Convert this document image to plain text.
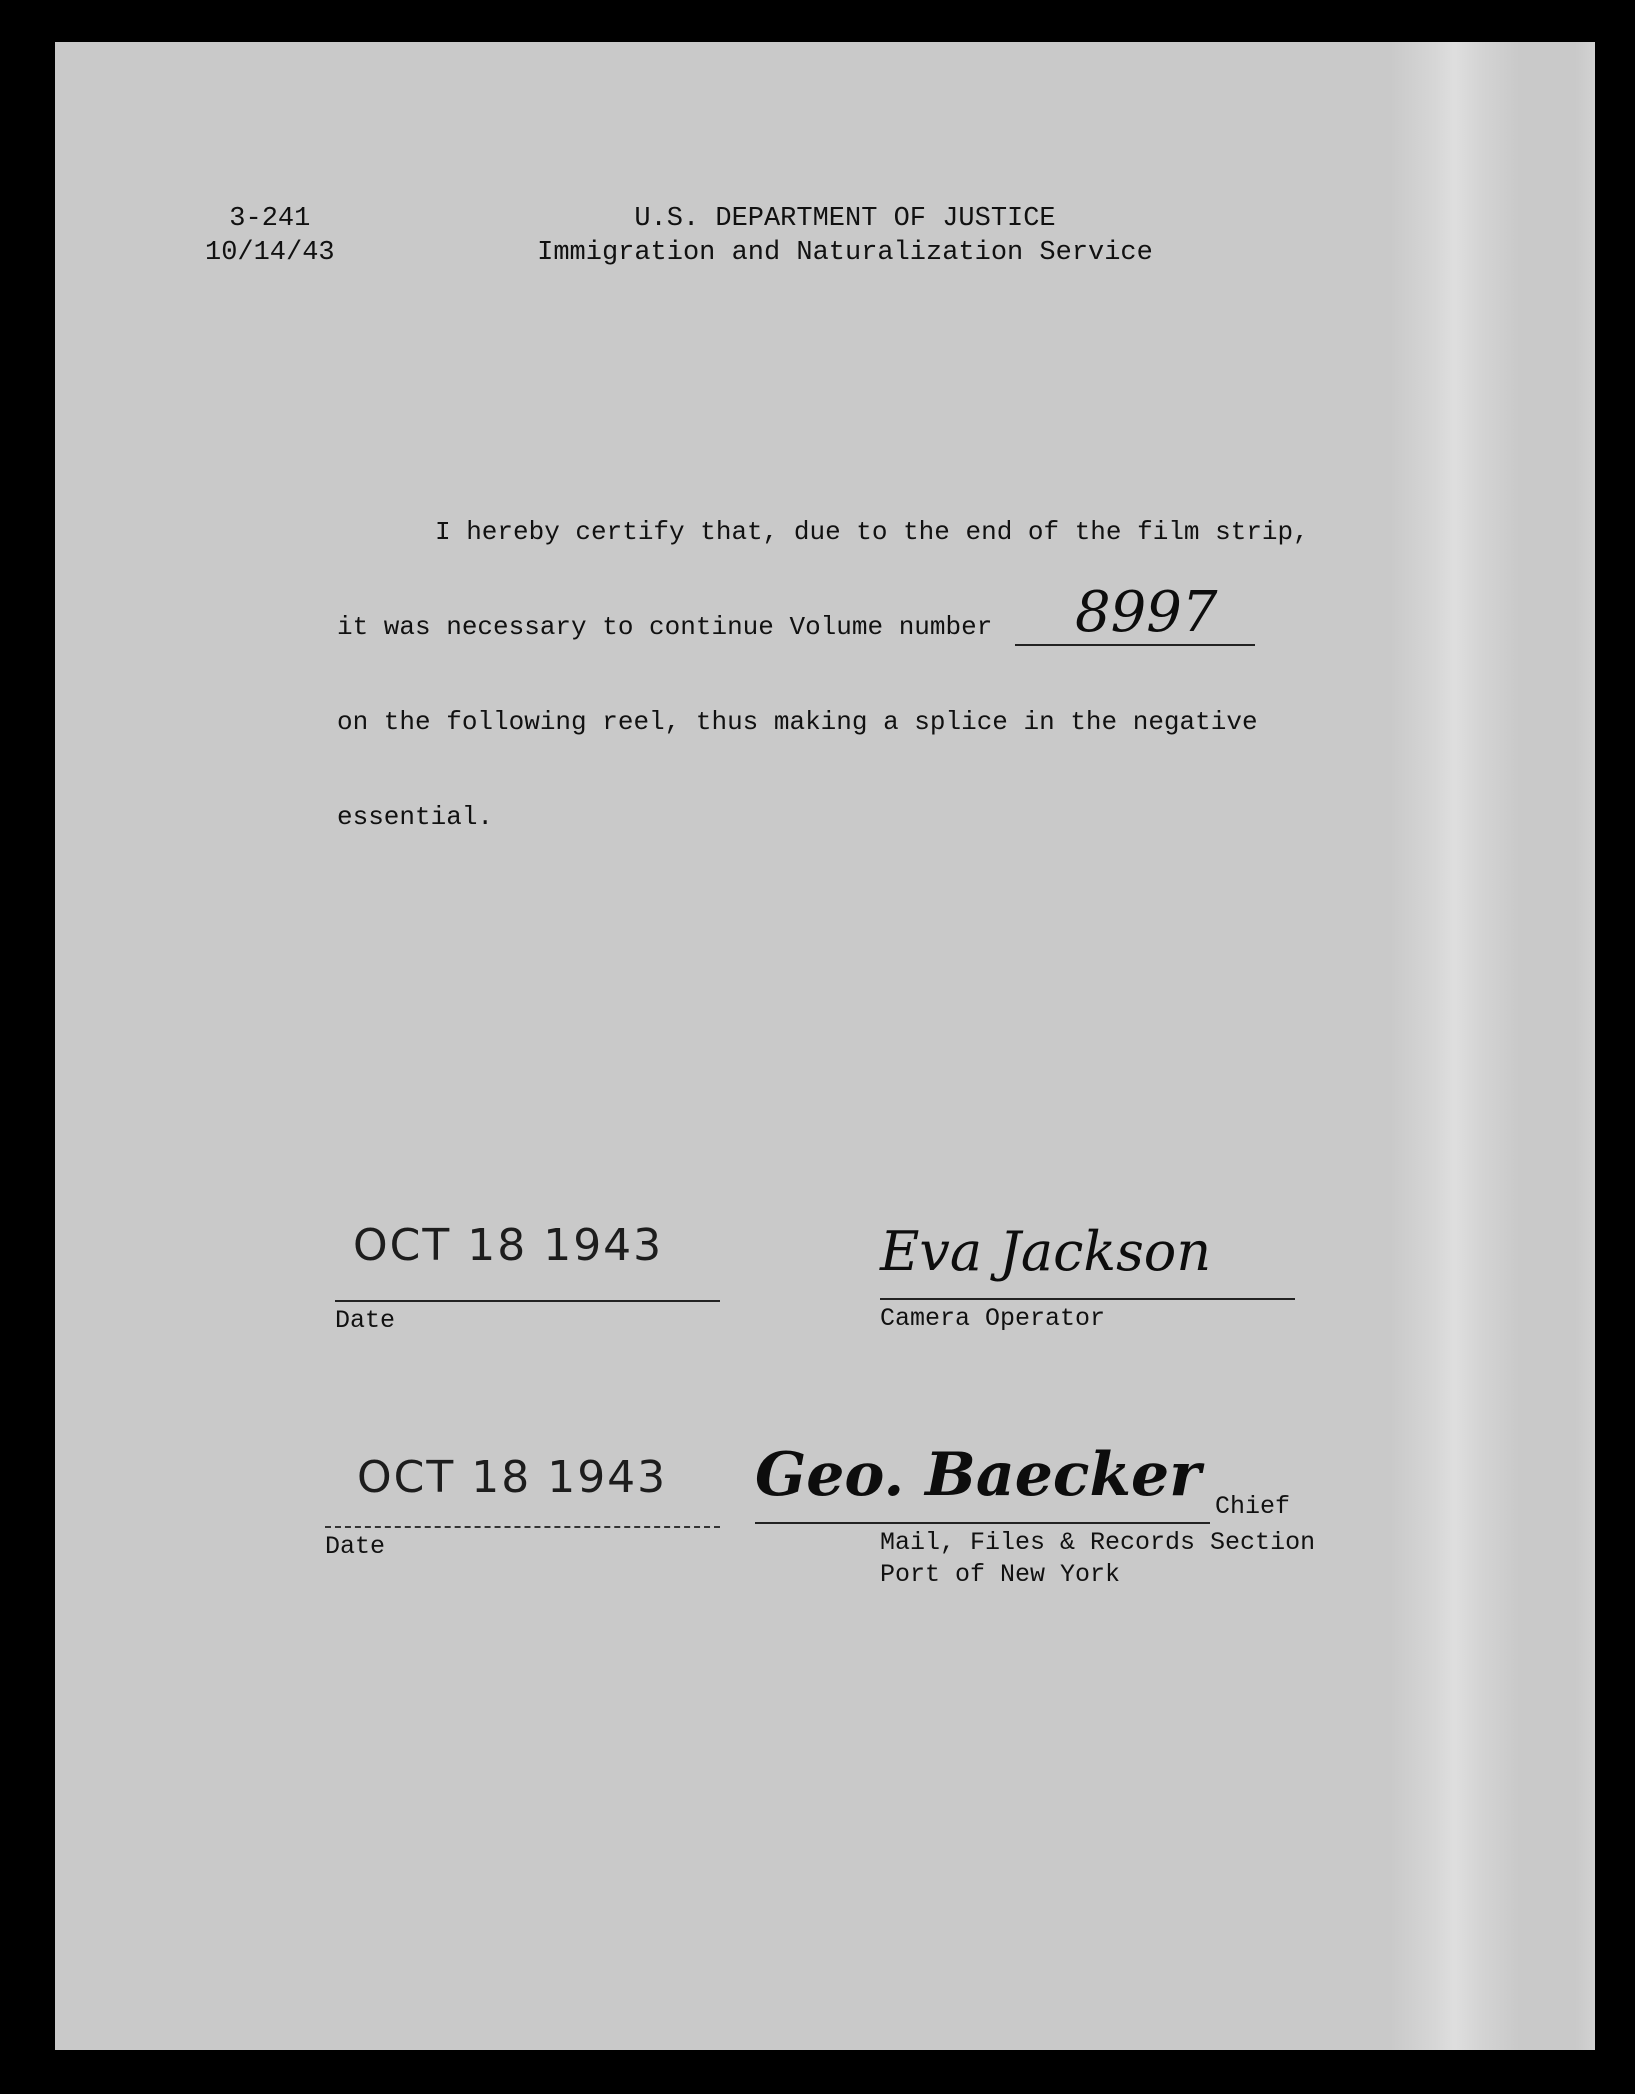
3-241
10/14/43
U.S. DEPARTMENT OF JUSTICE
Immigration and Naturalization Service
I hereby certify that, due to the end of the film strip,
it was necessary to continue Volume number 8997
on the following reel, thus making a splice in the negative
essential.
OCT 18 1943
Date
Eva Jackson
Camera Operator
OCT 18 1943
Date
Geo. Baecker Chief
Mail, Files & Records Section
Port of New York
